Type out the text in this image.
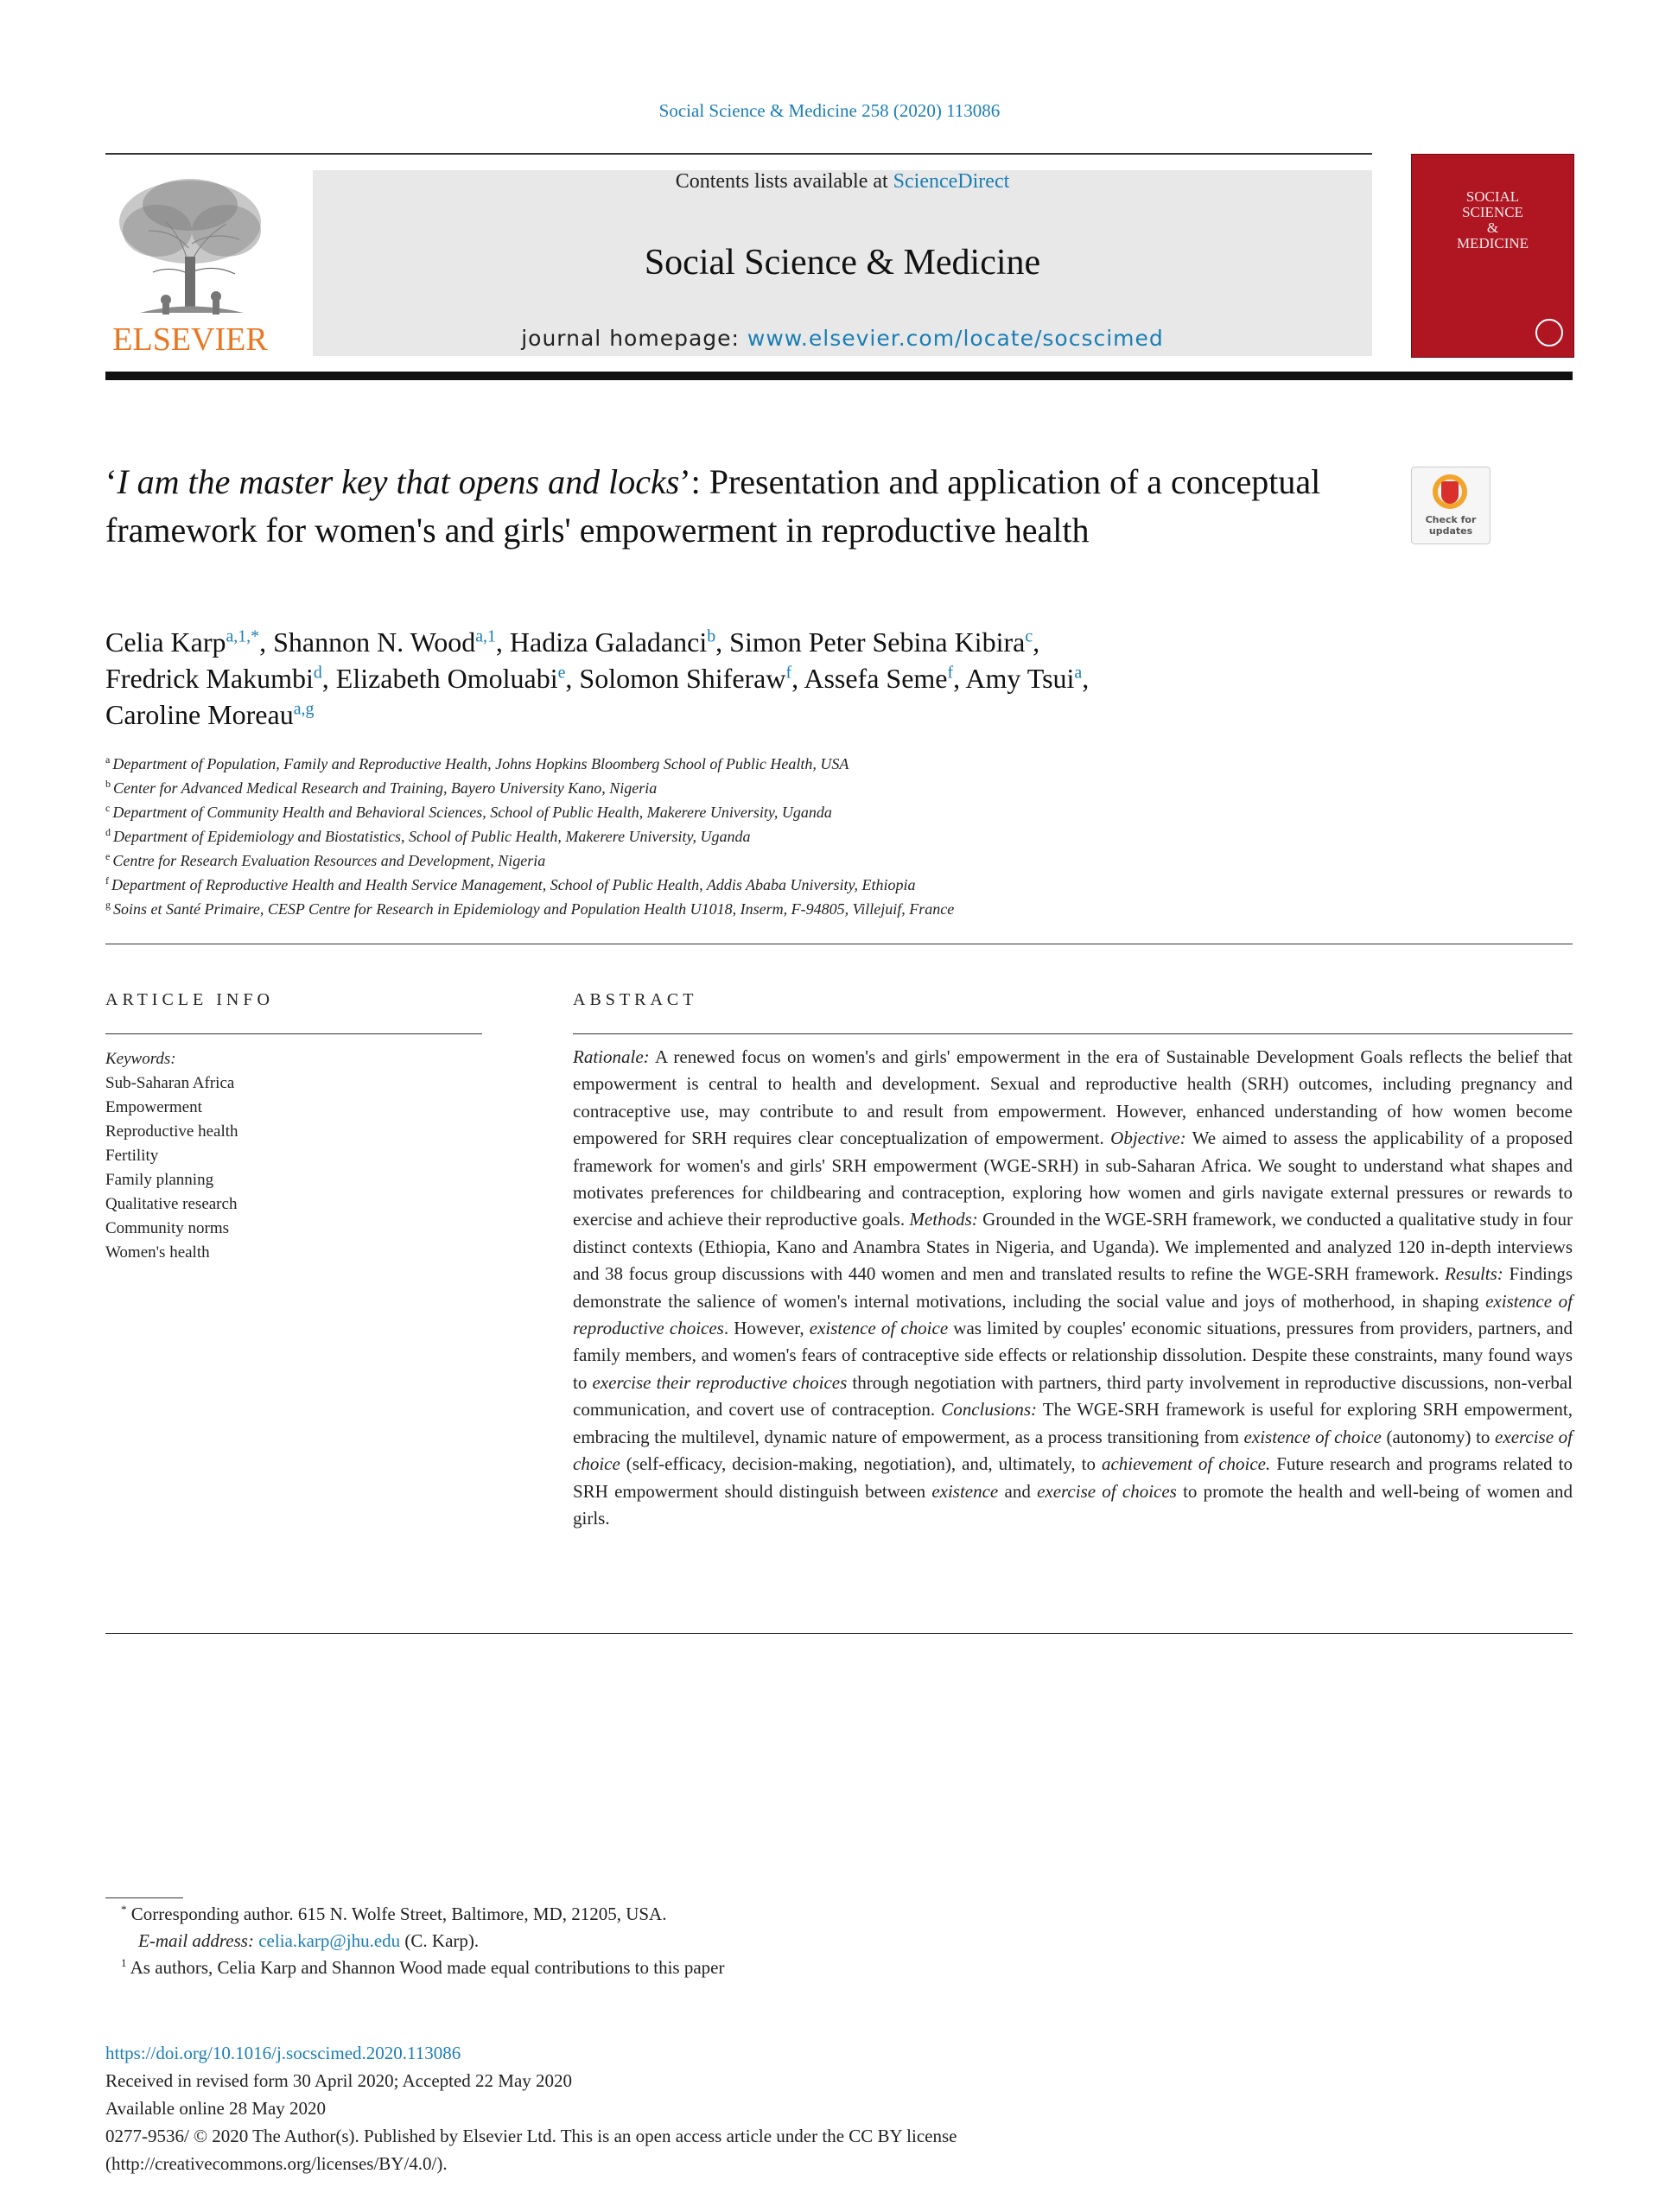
Social Science & Medicine 258 (2020) 113086
ELSEVIER
Contents lists available at ScienceDirect
Social Science & Medicine
journal homepage: www.elsevier.com/locate/socscimed
SOCIAL
SCIENCE
&
MEDICINE
‘I am the master key that opens and locks’: Presentation and application of a conceptual framework for women's and girls' empowerment in reproductive health	Check for
updates
Celia Karp$^{a,1,*}$, Shannon N. Wood$^{a,1}$, Hadiza Galadanci$^b$, Simon Peter Sebina Kibira$^c$,
Fredrick Makumbi$^d$, Elizabeth Omoluabi$^e$, Solomon Shiferaw$^f$, Assefa Seme$^f$, Amy Tsui$^a$,
Caroline Moreau$^{a,g}$
$^a$ Department of Population, Family and Reproductive Health, Johns Hopkins Bloomberg School of Public Health, USA
$^b$ Center for Advanced Medical Research and Training, Bayero University Kano, Nigeria
$^c$ Department of Community Health and Behavioral Sciences, School of Public Health, Makerere University, Uganda
$^d$ Department of Epidemiology and Biostatistics, School of Public Health, Makerere University, Uganda
$^e$ Centre for Research Evaluation Resources and Development, Nigeria
$^f$ Department of Reproductive Health and Health Service Management, School of Public Health, Addis Ababa University, Ethiopia
$^g$ Soins et Santé Primaire, CESP Centre for Research in Epidemiology and Population Health U1018, Inserm, F-94805, Villejuif, France
ARTICLE INFO
Keywords:
Sub-Saharan Africa
Empowerment
Reproductive health
Fertility
Family planning
Qualitative research
Community norms
Women's health
ABSTRACT
Rationale: A renewed focus on women's and girls' empowerment in the era of Sustainable Development Goals reflects the belief that empowerment is central to health and development. Sexual and reproductive health (SRH) outcomes, including pregnancy and contraceptive use, may contribute to and result from empowerment. However, enhanced understanding of how women become empowered for SRH requires clear conceptualization of empowerment. Objective: We aimed to assess the applicability of a proposed framework for women's and girls' SRH empowerment (WGE-SRH) in sub-Saharan Africa. We sought to understand what shapes and motivates preferences for childbearing and contraception, exploring how women and girls navigate external pressures or rewards to exercise and achieve their reproductive goals. Methods: Grounded in the WGE-SRH framework, we conducted a qualitative study in four distinct contexts (Ethiopia, Kano and Anambra States in Nigeria, and Uganda). We implemented and analyzed 120 in-depth interviews and 38 focus group discussions with 440 women and men and translated results to refine the WGE-SRH framework. Results: Findings demonstrate the salience of women's internal motivations, including the social value and joys of motherhood, in shaping existence of reproductive choices. However, existence of choice was limited by couples' economic situations, pressures from providers, partners, and family members, and women's fears of contraceptive side effects or relationship dissolution. Despite these constraints, many found ways to exercise their reproductive choices through negotiation with partners, third party involvement in reproductive discussions, non-verbal communication, and covert use of contraception. Conclusions: The WGE-SRH framework is useful for exploring SRH empowerment, embracing the multilevel, dynamic nature of empowerment, as a process transitioning from existence of choice (autonomy) to exercise of choice (self-efficacy, decision-making, negotiation), and, ultimately, to achievement of choice. Future research and programs related to SRH empowerment should distinguish between existence and exercise of choices to promote the health and well-being of women and girls.
* Corresponding author. 615 N. Wolfe Street, Baltimore, MD, 21205, USA.
E-mail address: celia.karp@jhu.edu (C. Karp).
$^1$ As authors, Celia Karp and Shannon Wood made equal contributions to this paper
https://doi.org/10.1016/j.socscimed.2020.113086
Received in revised form 30 April 2020; Accepted 22 May 2020
Available online 28 May 2020
0277-9536/ © 2020 The Author(s). Published by Elsevier Ltd. This is an open access article under the CC BY license
(http://creativecommons.org/licenses/BY/4.0/).
